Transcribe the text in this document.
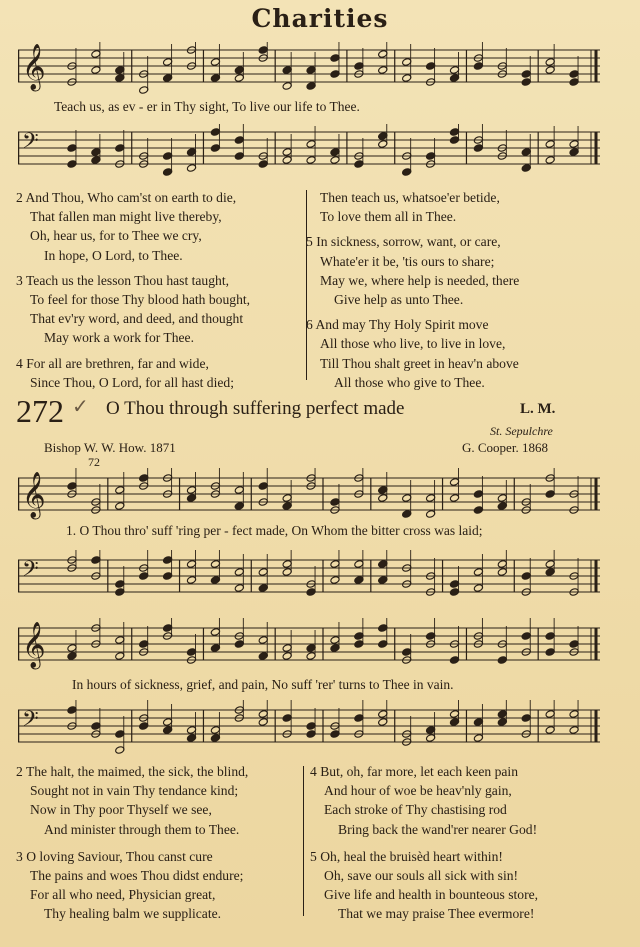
Charities
𝄞
Teach us, as ev - er in Thy sight, To live our life to Thee.
𝄢
2 And Thou, Who cam'st on earth to die,
That fallen man might live thereby,
Oh, hear us, for to Thee we cry,
In hope, O Lord, to Thee.
3 Teach us the lesson Thou hast taught,
To feel for those Thy blood hath bought,
That ev'ry word, and deed, and thought
May work a work for Thee.
4 For all are brethren, far and wide,
Since Thou, O Lord, for all hast died;
Then teach us, whatsoe'er betide,
To love them all in Thee.
5 In sickness, sorrow, want, or care,
Whate'er it be, 'tis ours to share;
May we, where help is needed, there
Give help as unto Thee.
6 And may Thy Holy Spirit move
All those who live, to live in love,
Till Thou shalt greet in heav'n above
All those who give to Thee.
272 ✓ O Thou through suffering perfect made	L. M.
St. Sepulchre
Bishop W. W. How. 1871	G. Cooper. 1868
72
𝄞
1. O Thou thro' suff 'ring per - fect made, On Whom the bitter cross was laid;
𝄢
𝄞
In hours of sickness, grief, and pain, No suff 'rer' turns to Thee in vain.
𝄢
2 The halt, the maimed, the sick, the blind,
Sought not in vain Thy tendance kind;
Now in Thy poor Thyself we see,
And minister through them to Thee.
3 O loving Saviour, Thou canst cure
The pains and woes Thou didst endure;
For all who need, Physician great,
Thy healing balm we supplicate.
4 But, oh, far more, let each keen pain
And hour of woe be heav'nly gain,
Each stroke of Thy chastising rod
Bring back the wand'rer nearer God!
5 Oh, heal the bruisèd heart within!
Oh, save our souls all sick with sin!
Give life and health in bounteous store,
That we may praise Thee evermore!
